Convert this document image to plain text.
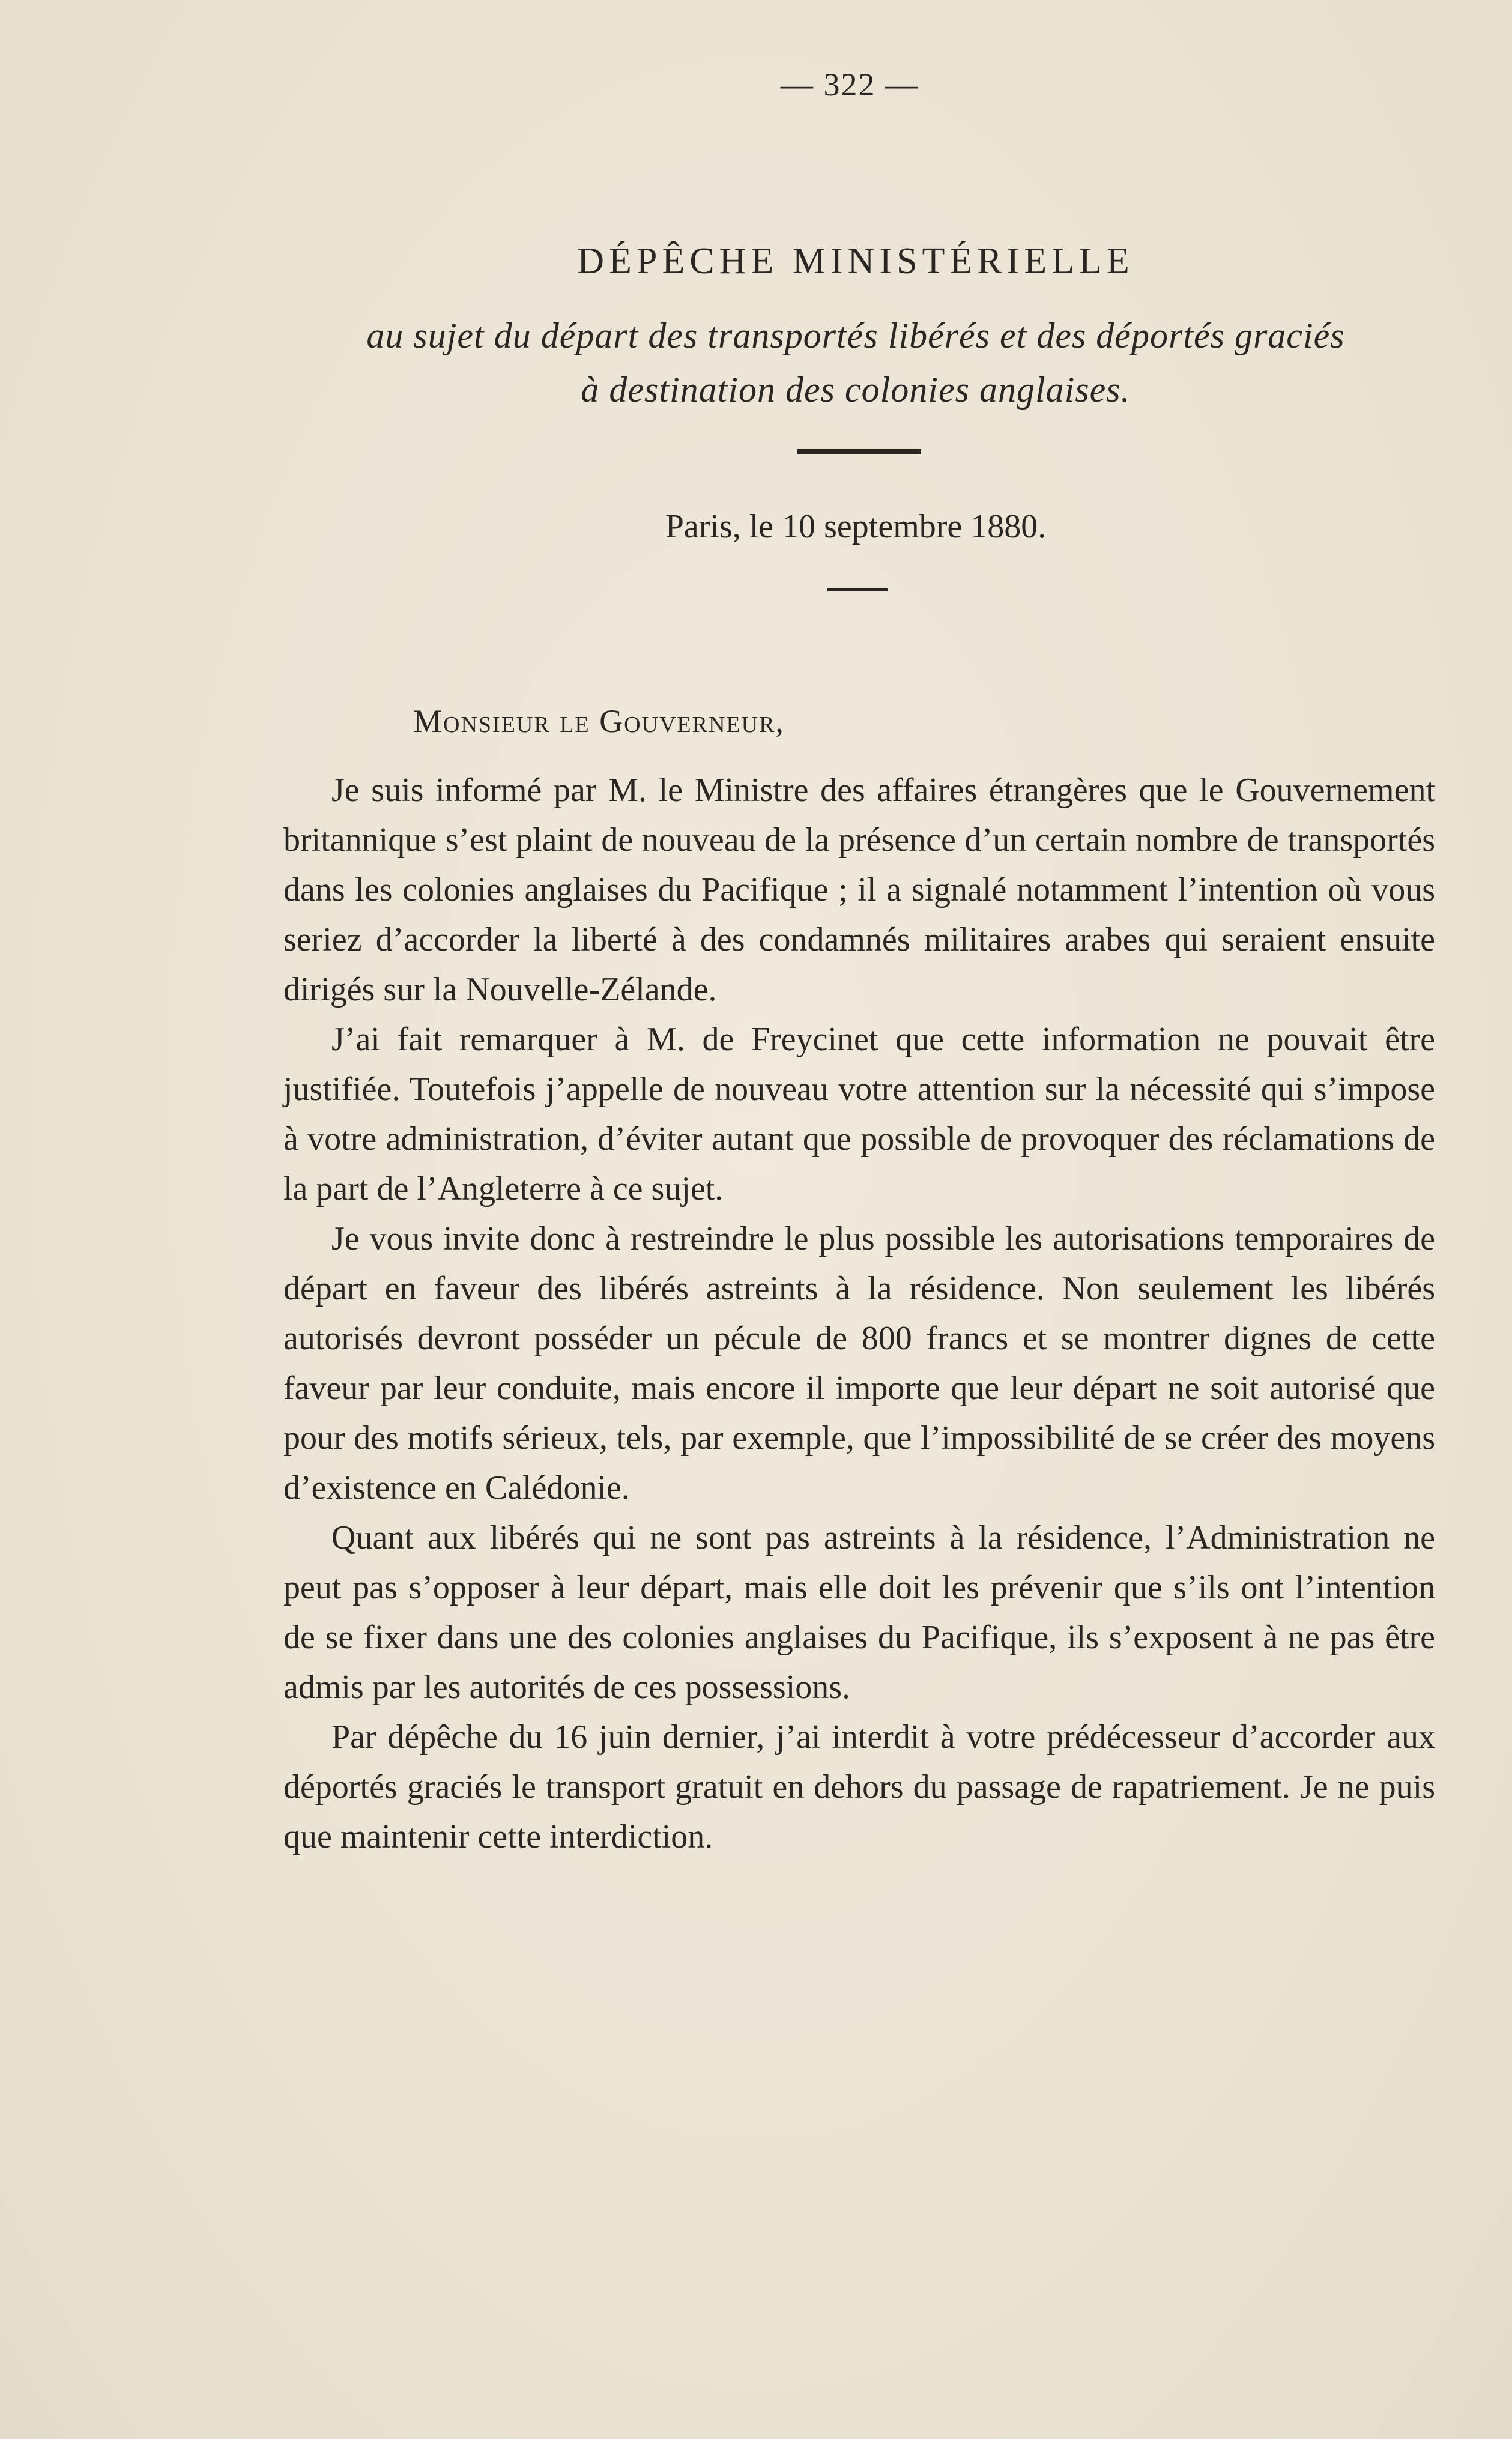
— 322 —
DÉPÊCHE MINISTÉRIELLE
au sujet du départ des transportés libérés et des déportés graciés
à destination des colonies anglaises.
Paris, le 10 septembre 1880.
Monsieur le Gouverneur,

Je suis informé par M. le Ministre des affaires étrangères que le Gouvernement britannique s’est plaint de nouveau de la présence d’un certain nombre de transportés dans les colonies anglaises du Pacifique ; il a signalé notamment l’intention où vous seriez d’accorder la liberté à des condamnés militaires arabes qui seraient ensuite dirigés sur la Nouvelle-Zélande.

J’ai fait remarquer à M. de Freycinet que cette information ne pouvait être justifiée. Toutefois j’appelle de nouveau votre attention sur la nécessité qui s’impose à votre administration, d’éviter autant que possible de provoquer des réclamations de la part de l’Angleterre à ce sujet.

Je vous invite donc à restreindre le plus possible les autorisations temporaires de départ en faveur des libérés astreints à la résidence. Non seulement les libérés autorisés devront posséder un pécule de 800 francs et se montrer dignes de cette faveur par leur conduite, mais encore il importe que leur départ ne soit autorisé que pour des motifs sérieux, tels, par exemple, que l’impossibilité de se créer des moyens d’existence en Calédonie.

Quant aux libérés qui ne sont pas astreints à la résidence, l’Administration ne peut pas s’opposer à leur départ, mais elle doit les prévenir que s’ils ont l’intention de se fixer dans une des colonies anglaises du Pacifique, ils s’exposent à ne pas être admis par les autorités de ces possessions.

Par dépêche du 16 juin dernier, j’ai interdit à votre prédécesseur d’accorder aux déportés graciés le transport gratuit en dehors du passage de rapatriement. Je ne puis que maintenir cette interdiction.
